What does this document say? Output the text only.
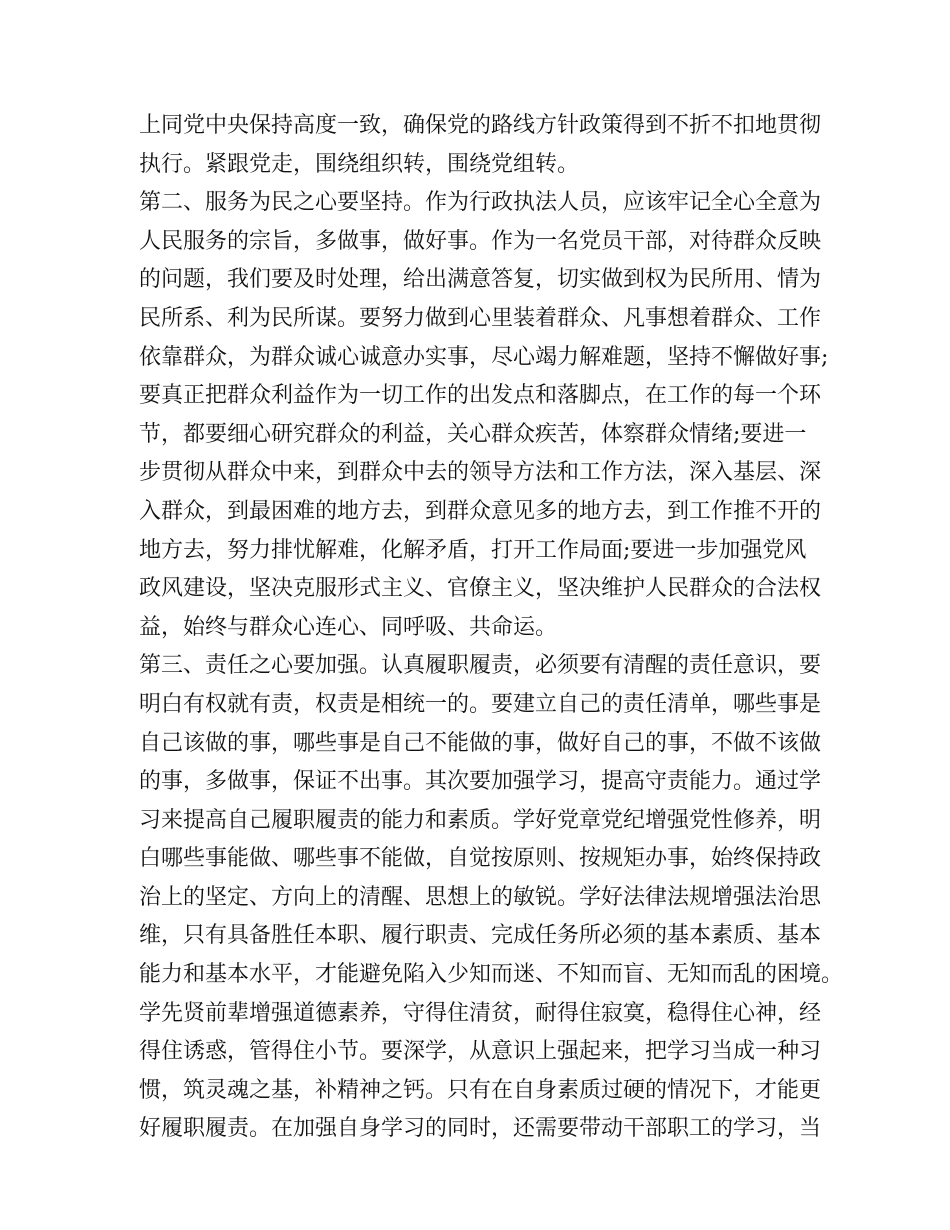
上同党中央保持高度一致，确保党的路线方针政策得到不折不扣地贯彻
执行。紧跟党走，围绕组织转，围绕党组转。
第二、服务为民之心要坚持。作为行政执法人员，应该牢记全心全意为
人民服务的宗旨，多做事，做好事。作为一名党员干部，对待群众反映
的问题，我们要及时处理，给出满意答复，切实做到权为民所用、情为
民所系、利为民所谋。要努力做到心里装着群众、凡事想着群众、工作
依靠群众，为群众诚心诚意办实事，尽心竭力解难题，坚持不懈做好事;
要真正把群众利益作为一切工作的出发点和落脚点，在工作的每一个环
节，都要细心研究群众的利益，关心群众疾苦，体察群众情绪;要进一
步贯彻从群众中来，到群众中去的领导方法和工作方法，深入基层、深
入群众，到最困难的地方去，到群众意见多的地方去，到工作推不开的
地方去，努力排忧解难，化解矛盾，打开工作局面;要进一步加强党风
政风建设，坚决克服形式主义、官僚主义，坚决维护人民群众的合法权
益，始终与群众心连心、同呼吸、共命运。
第三、责任之心要加强。认真履职履责，必须要有清醒的责任意识，要
明白有权就有责，权责是相统一的。要建立自己的责任清单，哪些事是
自己该做的事，哪些事是自己不能做的事，做好自己的事，不做不该做
的事，多做事，保证不出事。其次要加强学习，提高守责能力。通过学
习来提高自己履职履责的能力和素质。学好党章党纪增强党性修养，明
白哪些事能做、哪些事不能做，自觉按原则、按规矩办事，始终保持政
治上的坚定、方向上的清醒、思想上的敏锐。学好法律法规增强法治思
维，只有具备胜任本职、履行职责、完成任务所必须的基本素质、基本
能力和基本水平，才能避免陷入少知而迷、不知而盲、无知而乱的困境。
学先贤前辈增强道德素养，守得住清贫，耐得住寂寞，稳得住心神，经
得住诱惑，管得住小节。要深学，从意识上强起来，把学习当成一种习
惯，筑灵魂之基，补精神之钙。只有在自身素质过硬的情况下，才能更
好履职履责。在加强自身学习的同时，还需要带动干部职工的学习，当
